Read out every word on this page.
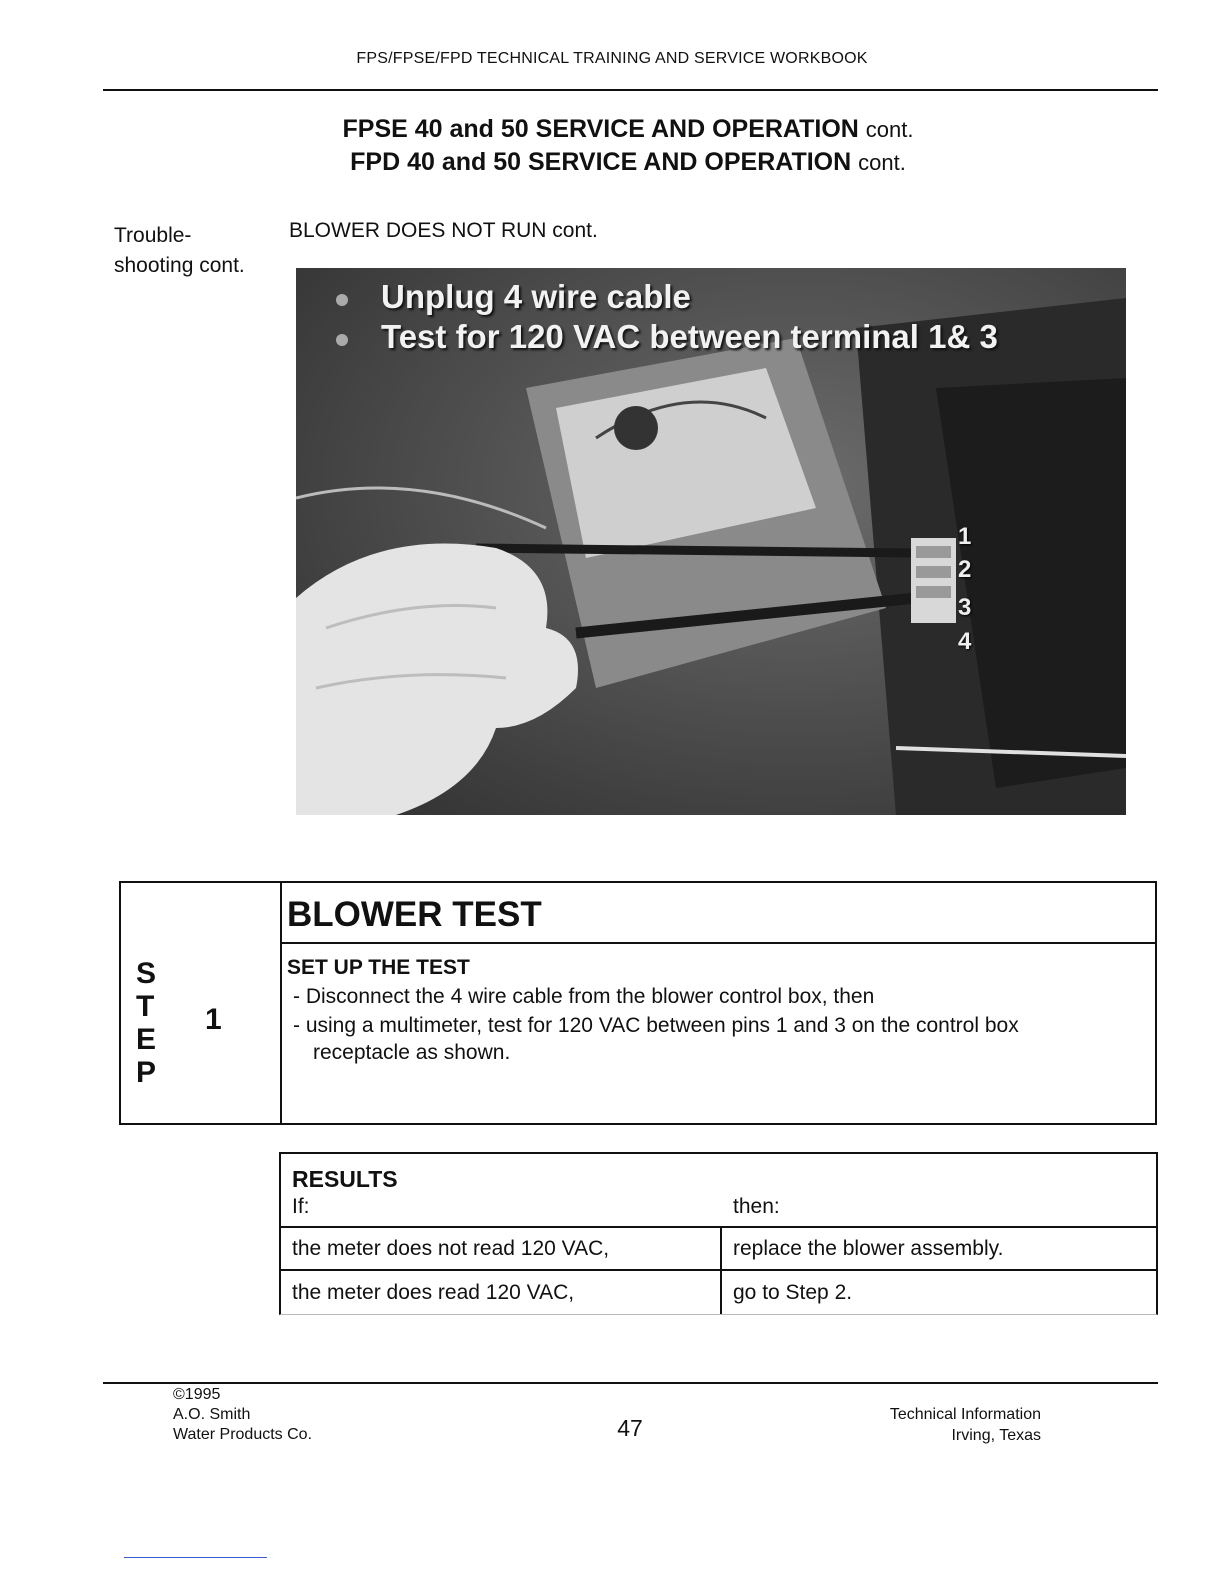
FPS/FPSE/FPD TECHNICAL TRAINING AND SERVICE WORKBOOK
FPSE 40 and 50 SERVICE AND OPERATION cont.
FPD 40 and 50 SERVICE AND OPERATION cont.
Trouble-
shooting cont.
BLOWER DOES NOT RUN cont.
Unplug 4 wire cable
Test for 120 VAC between terminal 1& 3
1
2
3
4
S
T
E
P
1
BLOWER TEST
SET UP THE TEST
- Disconnect the 4 wire cable from the blower control box, then
- using a multimeter, test for 120 VAC between pins 1 and 3 on the control box
receptacle as shown.
RESULTS
If:	then:
the meter does not read 120 VAC,	replace the blower assembly.
the meter does read 120 VAC,	go to Step 2.
©1995
A.O. Smith
Water Products Co.	47
Technical Information
Irving, Texas
